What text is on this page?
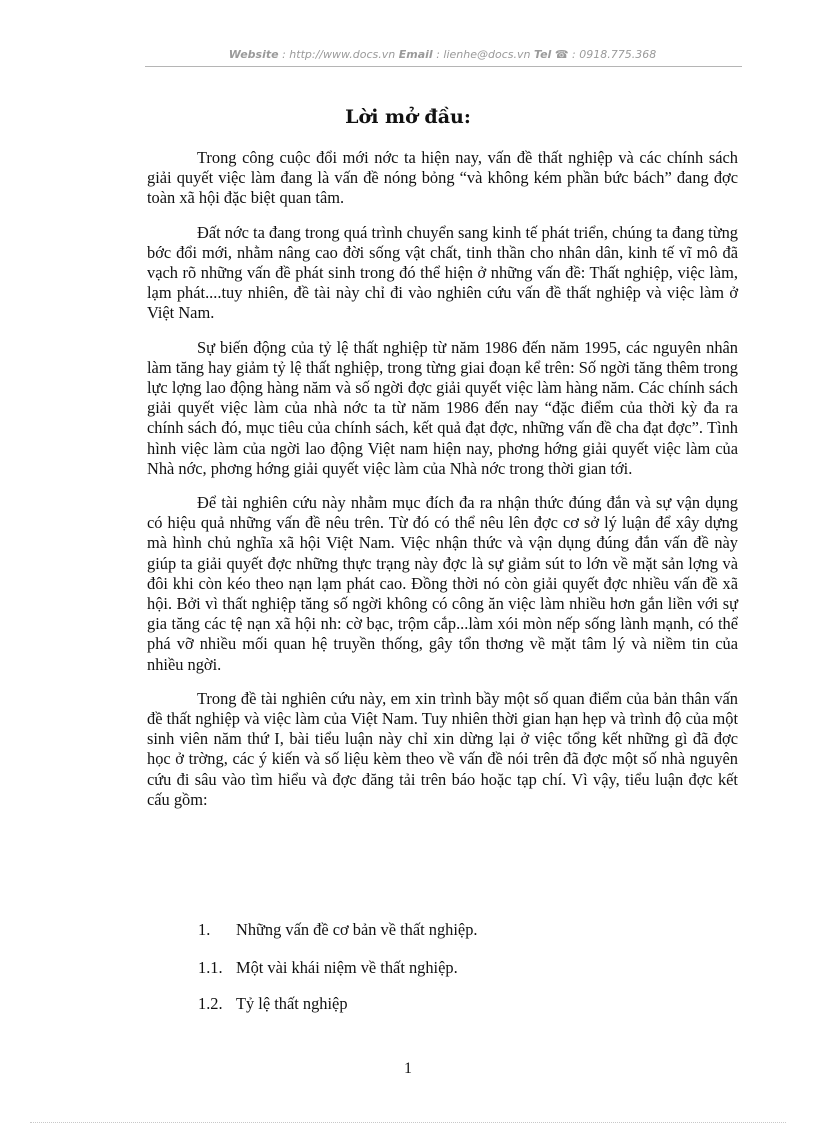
Website : http://www.docs.vn Email : lienhe@docs.vn Tel ☎ : 0918.775.368
Lời mở đầu:

Trong công cuộc đổi mới nớc ta hiện nay, vấn đề thất nghiệp và các chính sách giải quyết việc làm đang là vấn đề nóng bỏng “và không kém phần bức bách” đang đợc toàn xã hội đặc biệt quan tâm.

Đất nớc ta đang trong quá trình chuyển sang kinh tế phát triển, chúng ta đang từng bớc đổi mới, nhằm nâng cao đời sống vật chất, tinh thần cho nhân dân, kinh tế vĩ mô đã vạch rõ những vấn đề phát sinh trong đó thể hiện ở những vấn đề: Thất nghiệp, việc làm, lạm phát....tuy nhiên, đề tài này chỉ đi vào nghiên cứu vấn đề thất nghiệp và việc làm ở Việt Nam.

Sự biến động của tỷ lệ thất nghiệp từ năm 1986 đến năm 1995, các nguyên nhân làm tăng hay giảm tỷ lệ thất nghiệp, trong từng giai đoạn kể trên: Số ngời tăng thêm trong lực lợng lao động hàng năm và số ngời đợc giải quyết việc làm hàng năm. Các chính sách giải quyết việc làm của nhà nớc ta từ năm 1986 đến nay “đặc điểm của thời kỳ đa ra chính sách đó, mục tiêu của chính sách, kết quả đạt đợc, những vấn đề cha đạt đợc”. Tình hình việc làm của ngời lao động Việt nam hiện nay, phơng hớng giải quyết việc làm của Nhà nớc, phơng hớng giải quyết việc làm của Nhà nớc trong thời gian tới.

Để tài nghiên cứu này nhằm mục đích đa ra nhận thức đúng đắn và sự vận dụng có hiệu quả những vấn đề nêu trên. Từ đó có thể nêu lên đợc cơ sở lý luận để xây dựng mà hình chủ nghĩa xã hội Việt Nam. Việc nhận thức và vận dụng đúng đắn vấn đề này giúp ta giải quyết đợc những thực trạng này đợc là sự giảm sút to lớn về mặt sản lợng và đôi khi còn kéo theo nạn lạm phát cao. Đồng thời nó còn giải quyết đợc nhiều vấn đề xã hội. Bởi vì thất nghiệp tăng số ngời không có công ăn việc làm nhiều hơn gắn liền với sự gia tăng các tệ nạn xã hội nh: cờ bạc, trộm cắp...làm xói mòn nếp sống lành mạnh, có thể phá vỡ nhiều mối quan hệ truyền thống, gây tổn thơng về mặt tâm lý và niềm tin của nhiều ngời.

Trong đề tài nghiên cứu này, em xin trình bầy một số quan điểm của bản thân vấn đề thất nghiệp và việc làm của Việt Nam. Tuy nhiên thời gian hạn hẹp và trình độ của một sinh viên năm thứ I, bài tiểu luận này chỉ xin dừng lại ở việc tổng kết những gì đã đợc học ở trờng, các ý kiến và số liệu kèm theo về vấn đề nói trên đã đợc một số nhà nguyên cứu đi sâu vào tìm hiểu và đợc đăng tải trên báo hoặc tạp chí. Vì vậy, tiểu luận đợc kết cấu gồm:

1. Những vấn đề cơ bản về thất nghiệp.
1.1. Một vài khái niệm về thất nghiệp.
1.2. Tỷ lệ thất nghiệp
1
